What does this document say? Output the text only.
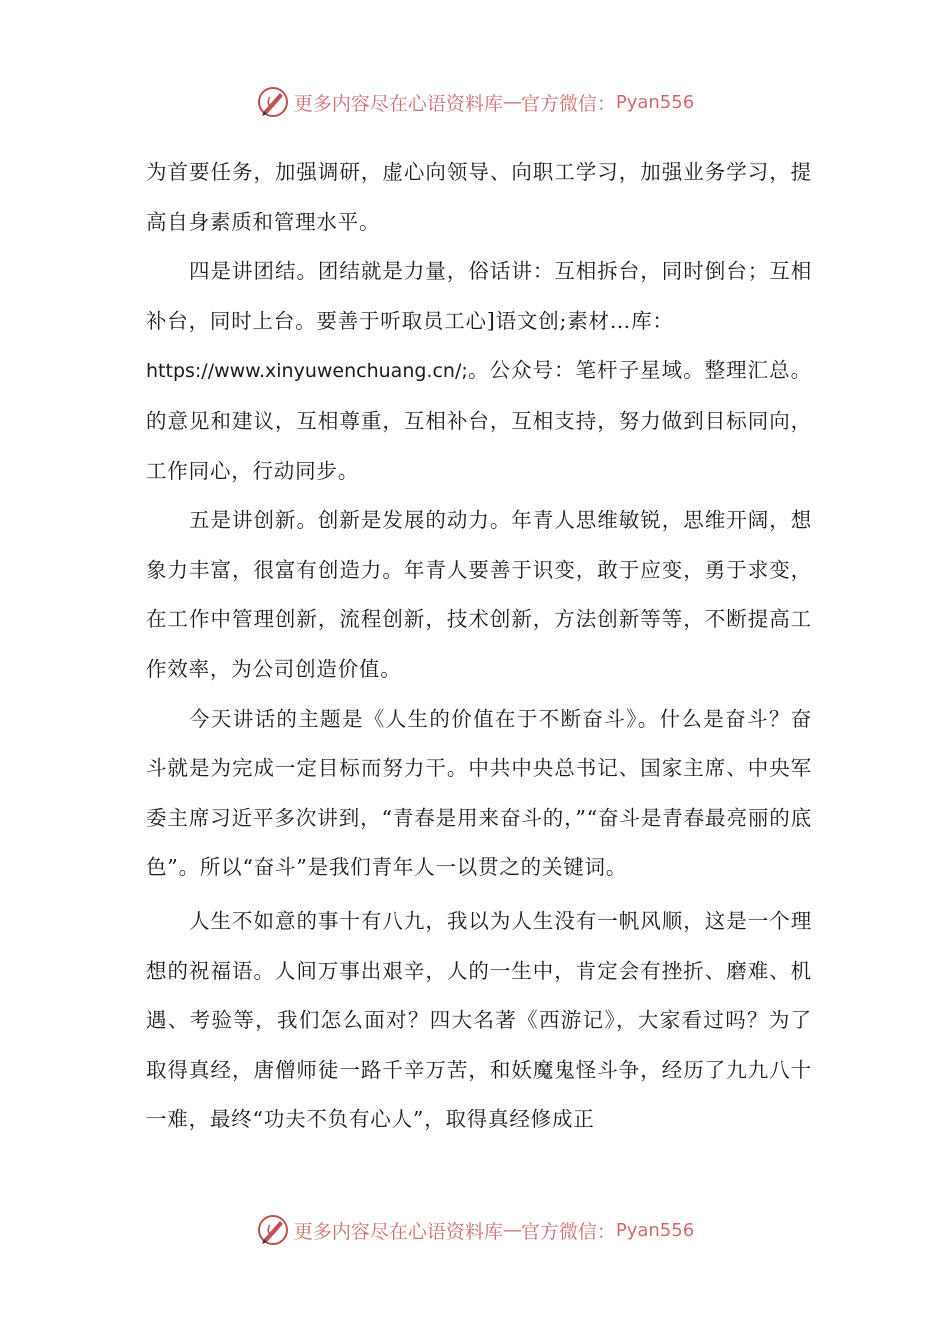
更多内容尽在心语资料库 — 官方微信： Pyan556

为首要任务，加强调研，虚心向领导、向职工学习，加强业务学习，提高自身素质和管理水平。

四是讲团结。团结就是力量，俗话讲：互相拆台，同时倒台；互相补台，同时上台。要善于听取员工心]语文创;素材…库：

https://www.xinyuwenchuang.cn/;。公众号：笔杆子星域。整理汇总。的意见和建议，互相尊重，互相补台，互相支持，努力做到目标同向，工作同心，行动同步。

五是讲创新。创新是发展的动力。年青人思维敏锐，思维开阔，想象力丰富，很富有创造力。年青人要善于识变，敢于应变，勇于求变，在工作中管理创新，流程创新，技术创新，方法创新等等，不断提高工作效率，为公司创造价值。

今天讲话的主题是《人生的价值在于不断奋斗》。什么是奋斗？奋斗就是为完成一定目标而努力干。中共中央总书记、国家主席、中央军委主席习近平多次讲到，“青春是用来奋斗的，”“奋斗是青春最亮丽的底色”。所以“奋斗”是我们青年人一以贯之的关键词。

人生不如意的事十有八九，我以为人生没有一帆风顺，这是一个理想的祝福语。人间万事出艰辛，人的一生中，肯定会有挫折、磨难、机遇、考验等，我们怎么面对？四大名著《西游记》，大家看过吗？为了取得真经，唐僧师徒一路千辛万苦，和妖魔鬼怪斗争，经历了九九八十一难，最终“功夫不负有心人”，取得真经修成正

更多内容尽在心语资料库 — 官方微信： Pyan556
